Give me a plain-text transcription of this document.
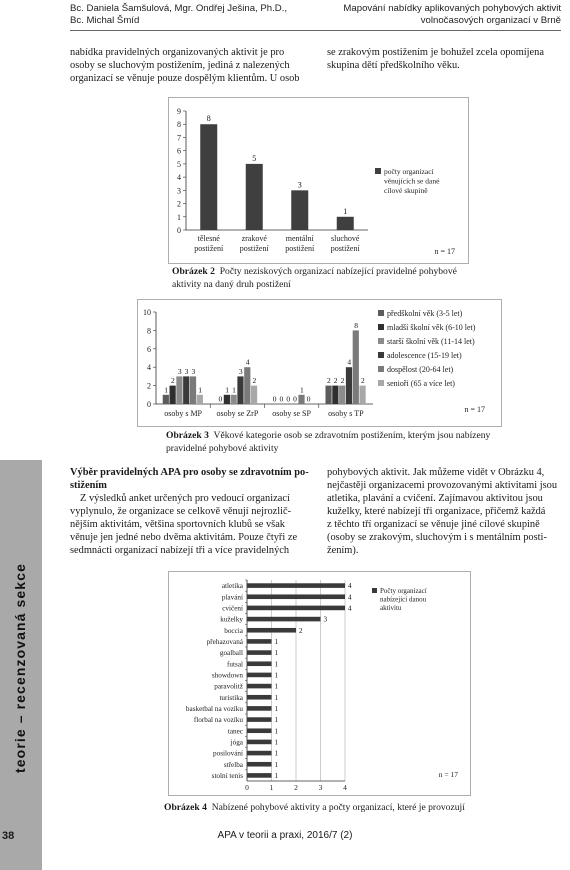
Bc. Daniela Šamšulová, Mgr. Ondřej Ješina, Ph.D.,
Bc. Michal Šmíd
Mapování nabídky aplikovaných pohybových aktivit
volnočasových organizací v Brně

nabídka pravidelných organizovaných aktivit je pro

osoby se sluchovým postižením, jediná z nalezených

organizací se věnuje pouze dospělým klientům. U osob

se zrakovým postižením je bohužel zcela opomíjena

skupina dětí předškolního věku.

0
1
2
3
4
5
6
7
8
9
8
tělesné
postižení
5
zrakové
postižení
3
mentální
postižení
1
sluchové
postižení
počty organizací
věnujících se dané
cílové skupině
n = 17
Obrázek 2 Počty neziskových organizací nabízející pravidelné pohybové aktivity na daný druh postižení
0
2
4
6
8
10
osoby s MP
1
2
3 3 3
1
osoby se ZrP
0
1 1
3
4
2
osoby se SP
0 0 0 0
1
0
osoby s TP
2 2 2
4
8
2
předškolní věk (3-5 let)
mladší školní věk (6-10 let)
starší školní věk (11-14 let)
adolescence (15-19 let)
dospělost (20-64 let)
senioři (65 a více let)
n = 17
Obrázek 3 Věkové kategorie osob se zdravotním postižením, kterým jsou nabízeny pravidelné pohybové aktivity

Výběr pravidelných APA pro osoby se zdravotním po-

stižením

Z výsledků anket určených pro vedoucí organizací

vyplynulo, že organizace se celkově věnují nejrozlič-

nějším aktivitám, většina sportovních klubů se však

věnuje jen jedné nebo dvěma aktivitám. Pouze čtyři ze

sedmnácti organizací nabízejí tři a více pravidelných

pohybových aktivit. Jak můžeme vidět v Obrázku 4,

nejčastěji organizacemi provozovanými aktivitami jsou

atletika, plavání a cvičení. Zajímavou aktivitou jsou

kuželky, které nabízejí tři organizace, přičemž každá

z těchto tří organizací se věnuje jiné cílové skupině

(osoby se zrakovým, sluchovým i s mentálním posti-

žením).

0	1	2	3	4
atletika	4
plavání	4
cvičení	4
kuželky	3
boccia	2
přehazovaná	1
goalball	1
futsal	1
showdown	1
paravolitž	1
turistika	1
basketbal na vozíku	1
florbal na vozíku	1
tanec	1
jóga	1
posilování	1
střelba	1
stolní tenis	1
Počty organizací
nabízející danou
aktivitu
n = 17
Obrázek 4 Nabízené pohybové aktivity a počty organizací, které je provozují
teorie – recenzovaná sekce
38	APA v teorii a praxi, 2016/7 (2)
